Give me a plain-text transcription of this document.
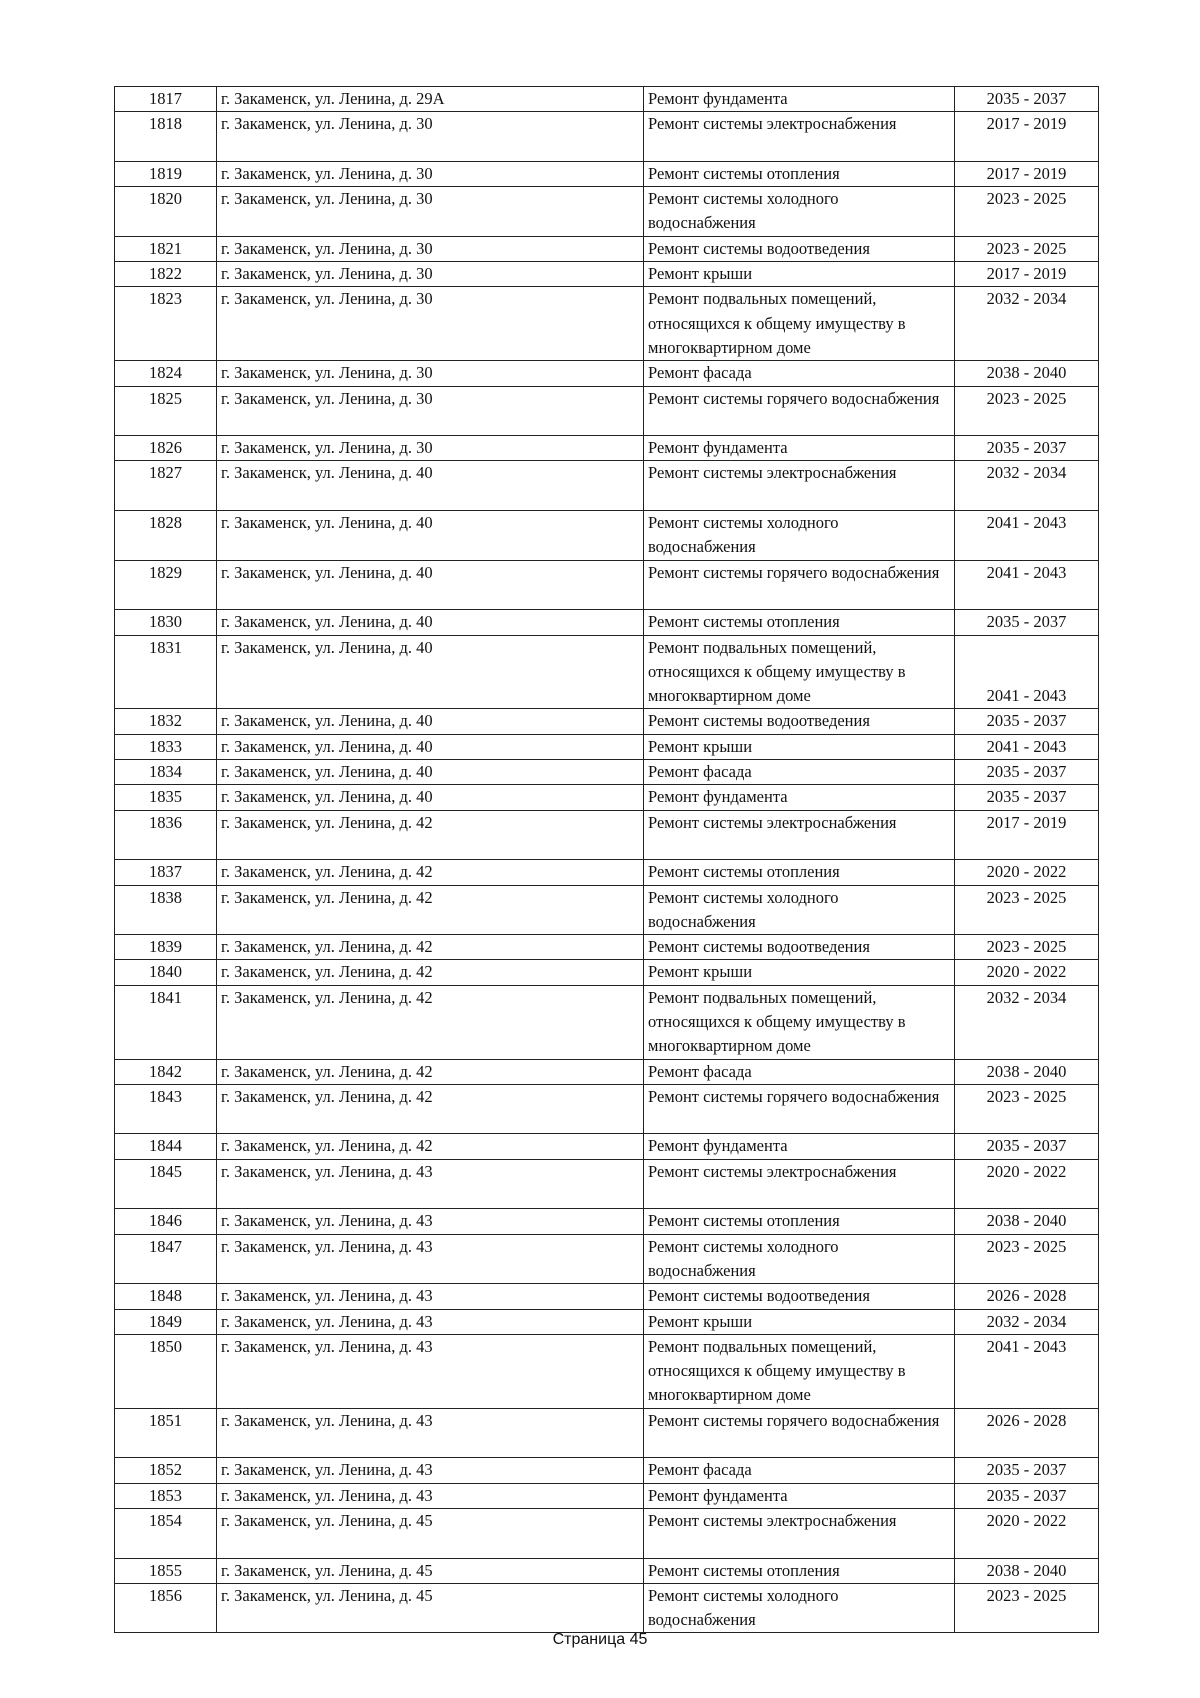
1817	г. Закаменск, ул. Ленина, д. 29А	Ремонт фундамента	2035 - 2037
1818	г. Закаменск, ул. Ленина, д. 30	Ремонт системы электроснабжения	2017 - 2019
1819	г. Закаменск, ул. Ленина, д. 30	Ремонт системы отопления	2017 - 2019
1820	г. Закаменск, ул. Ленина, д. 30	Ремонт системы холодного водоснабжения	2023 - 2025
1821	г. Закаменск, ул. Ленина, д. 30	Ремонт системы водоотведения	2023 - 2025
1822	г. Закаменск, ул. Ленина, д. 30	Ремонт крыши	2017 - 2019
1823	г. Закаменск, ул. Ленина, д. 30	Ремонт подвальных помещений, относящихся к общему имуществу в многоквартирном доме	2032 - 2034
1824	г. Закаменск, ул. Ленина, д. 30	Ремонт фасада	2038 - 2040
1825	г. Закаменск, ул. Ленина, д. 30	Ремонт системы горячего водоснабжения	2023 - 2025
1826	г. Закаменск, ул. Ленина, д. 30	Ремонт фундамента	2035 - 2037
1827	г. Закаменск, ул. Ленина, д. 40	Ремонт системы электроснабжения	2032 - 2034
1828	г. Закаменск, ул. Ленина, д. 40	Ремонт системы холодного водоснабжения	2041 - 2043
1829	г. Закаменск, ул. Ленина, д. 40	Ремонт системы горячего водоснабжения	2041 - 2043
1830	г. Закаменск, ул. Ленина, д. 40	Ремонт системы отопления	2035 - 2037
1831	г. Закаменск, ул. Ленина, д. 40	Ремонт подвальных помещений, относящихся к общему имуществу в многоквартирном доме	2041 - 2043
1832	г. Закаменск, ул. Ленина, д. 40	Ремонт системы водоотведения	2035 - 2037
1833	г. Закаменск, ул. Ленина, д. 40	Ремонт крыши	2041 - 2043
1834	г. Закаменск, ул. Ленина, д. 40	Ремонт фасада	2035 - 2037
1835	г. Закаменск, ул. Ленина, д. 40	Ремонт фундамента	2035 - 2037
1836	г. Закаменск, ул. Ленина, д. 42	Ремонт системы электроснабжения	2017 - 2019
1837	г. Закаменск, ул. Ленина, д. 42	Ремонт системы отопления	2020 - 2022
1838	г. Закаменск, ул. Ленина, д. 42	Ремонт системы холодного водоснабжения	2023 - 2025
1839	г. Закаменск, ул. Ленина, д. 42	Ремонт системы водоотведения	2023 - 2025
1840	г. Закаменск, ул. Ленина, д. 42	Ремонт крыши	2020 - 2022
1841	г. Закаменск, ул. Ленина, д. 42	Ремонт подвальных помещений, относящихся к общему имуществу в многоквартирном доме	2032 - 2034
1842	г. Закаменск, ул. Ленина, д. 42	Ремонт фасада	2038 - 2040
1843	г. Закаменск, ул. Ленина, д. 42	Ремонт системы горячего водоснабжения	2023 - 2025
1844	г. Закаменск, ул. Ленина, д. 42	Ремонт фундамента	2035 - 2037
1845	г. Закаменск, ул. Ленина, д. 43	Ремонт системы электроснабжения	2020 - 2022
1846	г. Закаменск, ул. Ленина, д. 43	Ремонт системы отопления	2038 - 2040
1847	г. Закаменск, ул. Ленина, д. 43	Ремонт системы холодного водоснабжения	2023 - 2025
1848	г. Закаменск, ул. Ленина, д. 43	Ремонт системы водоотведения	2026 - 2028
1849	г. Закаменск, ул. Ленина, д. 43	Ремонт крыши	2032 - 2034
1850	г. Закаменск, ул. Ленина, д. 43	Ремонт подвальных помещений, относящихся к общему имуществу в многоквартирном доме	2041 - 2043
1851	г. Закаменск, ул. Ленина, д. 43	Ремонт системы горячего водоснабжения	2026 - 2028
1852	г. Закаменск, ул. Ленина, д. 43	Ремонт фасада	2035 - 2037
1853	г. Закаменск, ул. Ленина, д. 43	Ремонт фундамента	2035 - 2037
1854	г. Закаменск, ул. Ленина, д. 45	Ремонт системы электроснабжения	2020 - 2022
1855	г. Закаменск, ул. Ленина, д. 45	Ремонт системы отопления	2038 - 2040
1856	г. Закаменск, ул. Ленина, д. 45	Ремонт системы холодного водоснабжения	2023 - 2025
Страница 45
